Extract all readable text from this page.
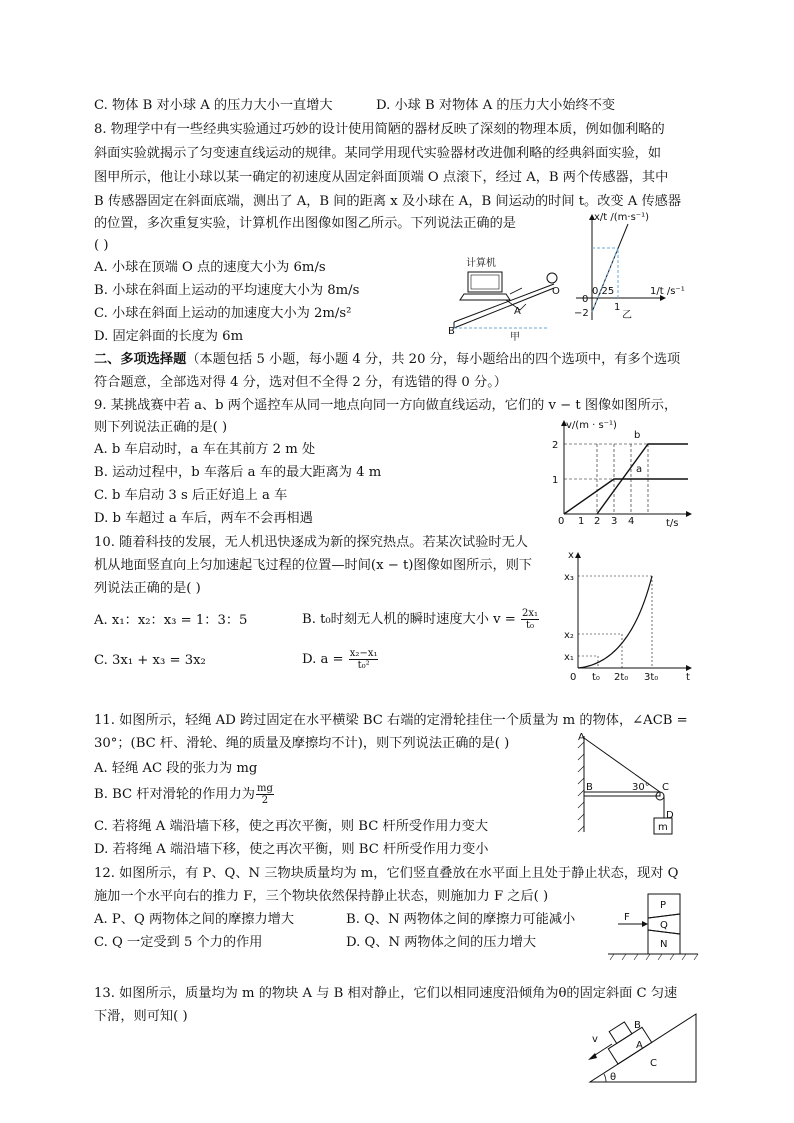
C. 物体 B 对小球 A 的压力大小一直增大	D. 小球 B 对物体 A 的压力大小始终不变
8. 物理学中有一些经典实验通过巧妙的设计使用简陋的器材反映了深刻的物理本质，例如伽利略的
斜面实验就揭示了匀变速直线运动的规律。某同学用现代实验器材改进伽利略的经典斜面实验，如
图甲所示，他让小球以某一确定的初速度从固定斜面顶端 O 点滚下，经过 A，B 两个传感器，其中
B 传感器固定在斜面底端，测出了 A，B 间的距离 x 及小球在 A，B 间运动的时间 t。改变 A 传感器
的位置，多次重复实验，计算机作出图像如图乙所示。下列说法正确的是
( )
A. 小球在顶端 O 点的速度大小为 6m/s
B. 小球在斜面上运动的平均速度大小为 8m/s
C. 小球在斜面上运动的加速度大小为 2m/s²
D. 固定斜面的长度为 6m
计算机
O
A
B
甲
x/t /(m·s⁻¹)
1/t /s⁻¹
0.25
1
0
−2	乙
二、多项选择题（本题包括 5 小题，每小题 4 分，共 20 分，每小题给出的四个选项中，有多个选项
符合题意，全部选对得 4 分，选对但不全得 2 分，有选错的得 0 分。）
9. 某挑战赛中若 a、b 两个遥控车从同一地点向同一方向做直线运动，它们的 v − t 图像如图所示，
则下列说法正确的是( )
A. b 车启动时，a 车在其前方 2 m 处
B. 运动过程中，b 车落后 a 车的最大距离为 4 m
C. b 车启动 3 s 后正好追上 a 车
D. b 车超过 a 车后，两车不会再相遇
v/(m · s⁻¹)
t/s
1
2
0 1 2 3 4
a
b
10. 随着科技的发展，无人机迅快逐成为新的探究热点。若某次试验时无人
机从地面竖直向上匀加速起飞过程的位置—时间(x − t)图像如图所示，则下
列说法正确的是( )
A. x₁：x₂：x₃ = 1：3：5	B. t₀时刻无人机的瞬时速度大小 $v = \frac{\text{2x₁}}{\text{t₀}}$
C. 3x₁ + x₃ = 3x₂	D. $a = \frac{\text{x₂−x₁}}{\text{t₀²}}$
x
t
x₁
x₂
x₃
0 t₀ 2t₀ 3t₀
11. 如图所示，轻绳 AD 跨过固定在水平横梁 BC 右端的定滑轮挂住一个质量为 m 的物体，∠ACB =
30°；(BC 杆、滑轮、绳的质量及摩擦均不计)，则下列说法正确的是( )
A. 轻绳 AC 段的张力为 mg
B. BC 杆对滑轮的作用力为 $\frac{mg}{2}$
C. 若将绳 A 端沿墙下移，使之再次平衡，则 BC 杆所受作用力变大
D. 若将绳 A 端沿墙下移，使之再次平衡，则 BC 杆所受作用力变小
A
B	C
D
m
30°
12. 如图所示，有 P、Q、N 三物块质量均为 m，它们竖直叠放在水平面上且处于静止状态，现对 Q
施加一个水平向右的推力 F，三个物块依然保持静止状态，则施加力 F 之后( )
A. P、Q 两物体之间的摩擦力增大	B. Q、N 两物体之间的摩擦力可能减小
C. Q 一定受到 5 个力的作用	D. Q、N 两物体之间的压力增大
F
P
Q
N
13. 如图所示，质量均为 m 的物块 A 与 B 相对静止，它们以相同速度沿倾角为θ的固定斜面 C 匀速
下滑，则可知( )
v
A
B
C
θ
